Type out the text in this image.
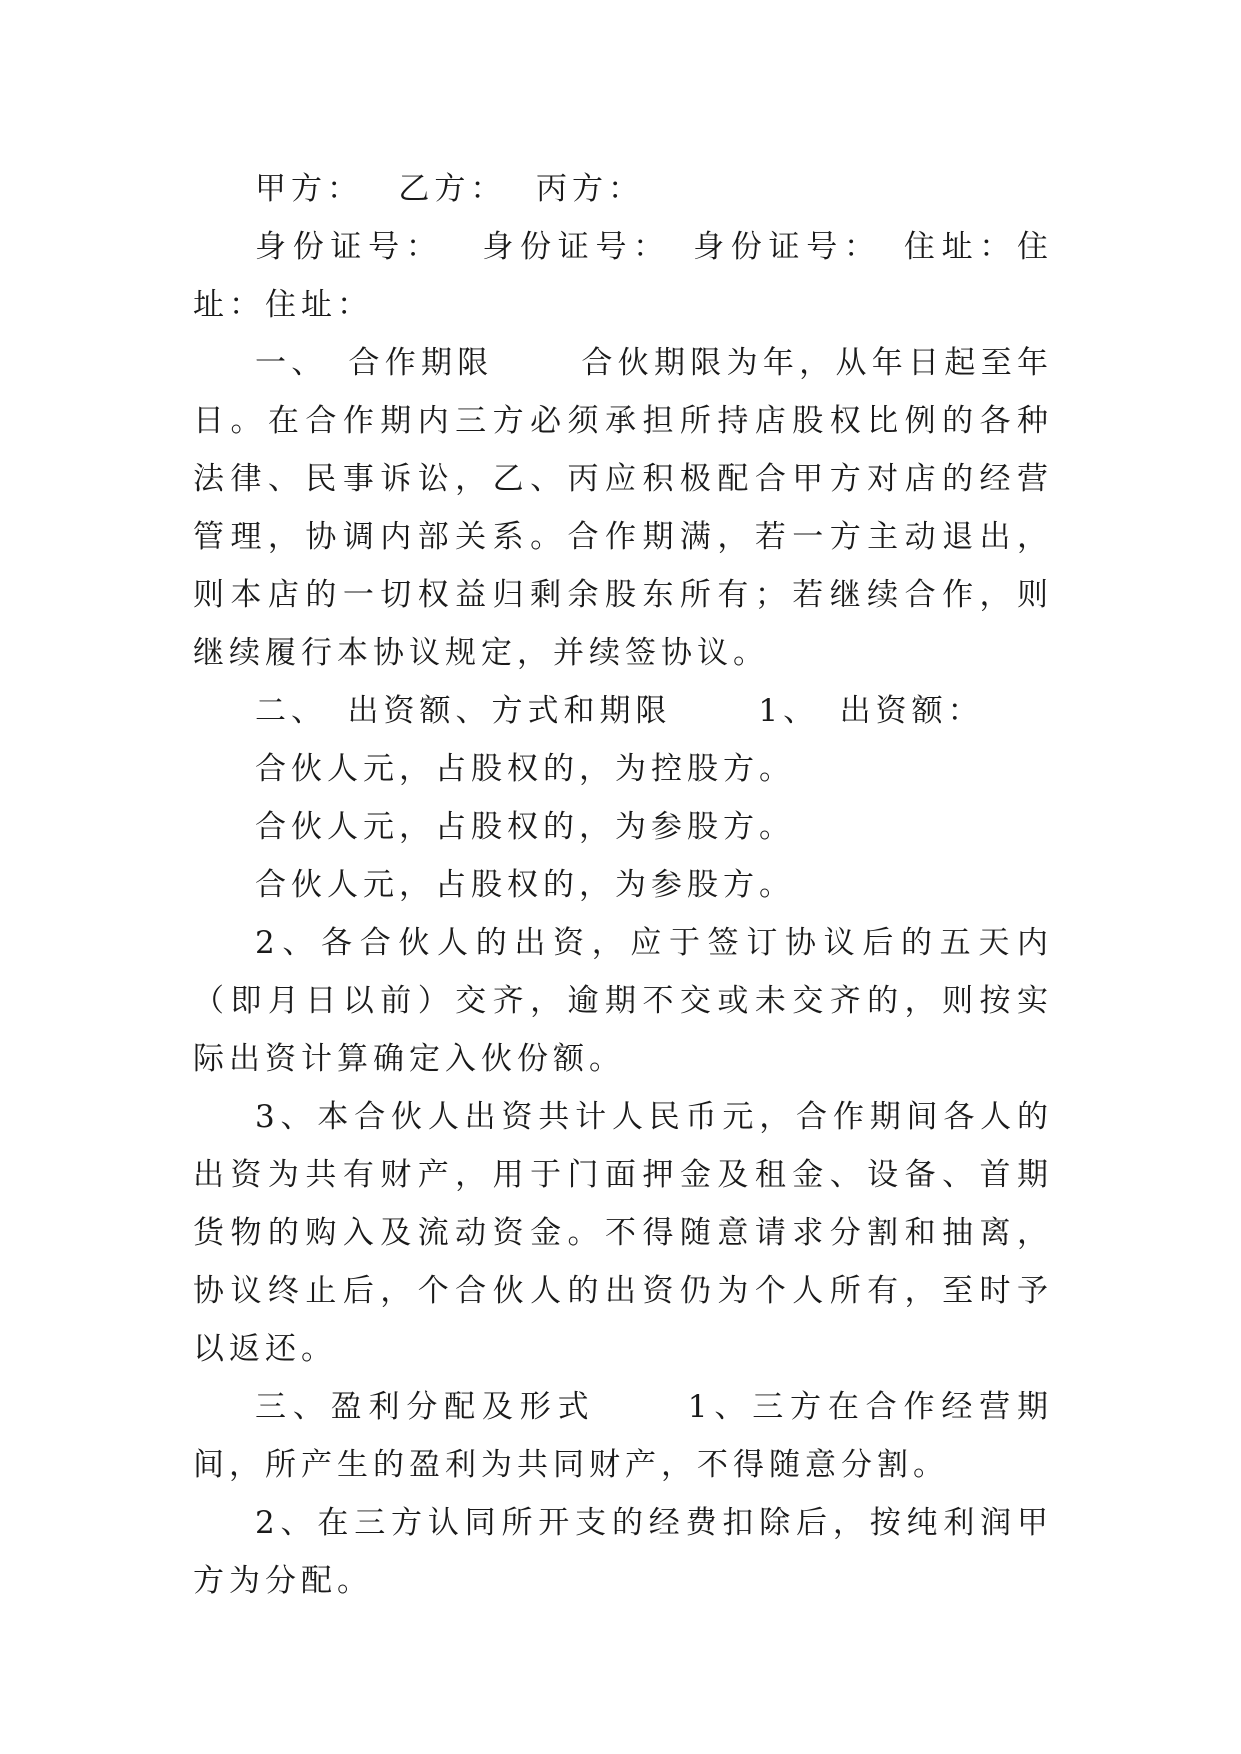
甲方：　 乙方：  丙方：

身份证号：　 身份证号：　身份证号：　住址：住址：住址：

一、　合作期限　　 合伙期限为年，从年日起至年日。在合作期内三方必须承担所持店股权比例的各种法律、民事诉讼，乙、丙应积极配合甲方对店的经营管理，协调内部关系。合作期满，若一方主动退出，则本店的一切权益归剩余股东所有；若继续合作，则继续履行本协议规定，并续签协议。

二、　出资额、方式和期限　　 1、　出资额：

合伙人元，占股权的，为控股方。

合伙人元，占股权的，为参股方。

合伙人元，占股权的，为参股方。

2、各合伙人的出资，应于签订协议后的五天内（即月日以前）交齐，逾期不交或未交齐的，则按实际出资计算确定入伙份额。

3、本合伙人出资共计人民币元，合作期间各人的出资为共有财产，用于门面押金及租金、设备、首期货物的购入及流动资金。不得随意请求分割和抽离，协议终止后，个合伙人的出资仍为个人所有，至时予以返还。

三、盈利分配及形式　　 1、三方在合作经营期间，所产生的盈利为共同财产，不得随意分割。

2、在三方认同所开支的经费扣除后，按纯利润甲方为分配。
